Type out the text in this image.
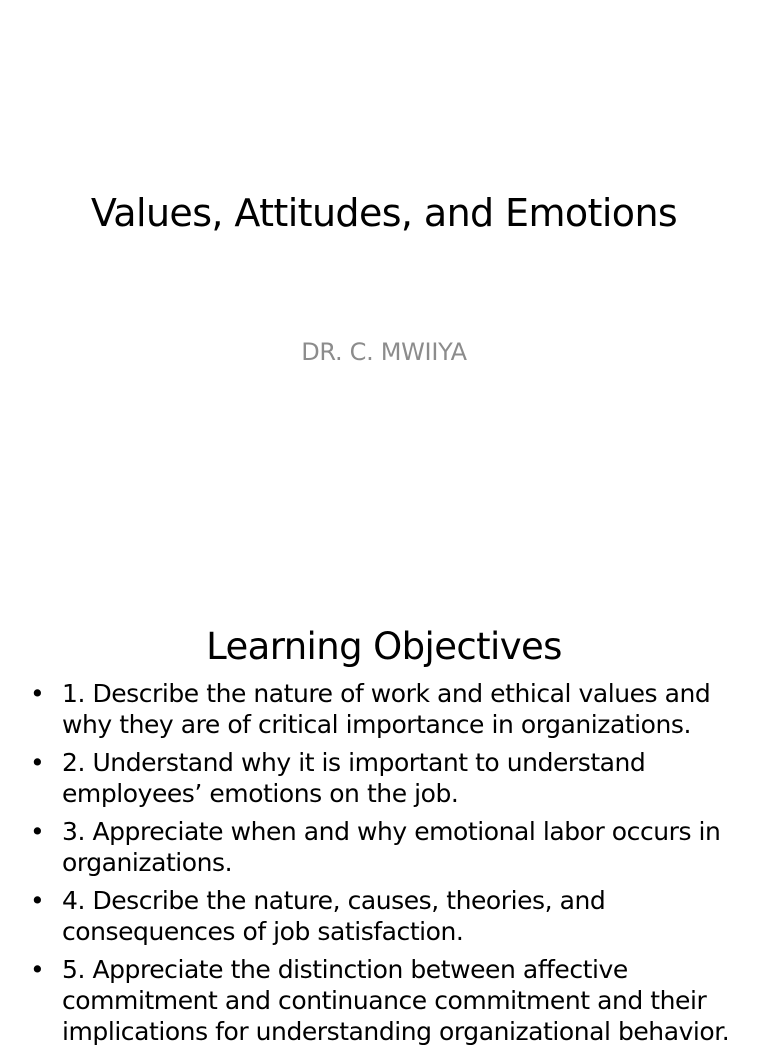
Values, Attitudes, and Emotions
DR. C. MWIIYA
Learning Objectives
• 1. Describe the nature of work and ethical values and why they are of critical importance in organizations.
• 2. Understand why it is important to understand employees’ emotions on the job.
• 3. Appreciate when and why emotional labor occurs in organizations.
• 4. Describe the nature, causes, theories, and consequences of job satisfaction.
• 5. Appreciate the distinction between affective commitment and continuance commitment and their implications for understanding organizational behavior.
